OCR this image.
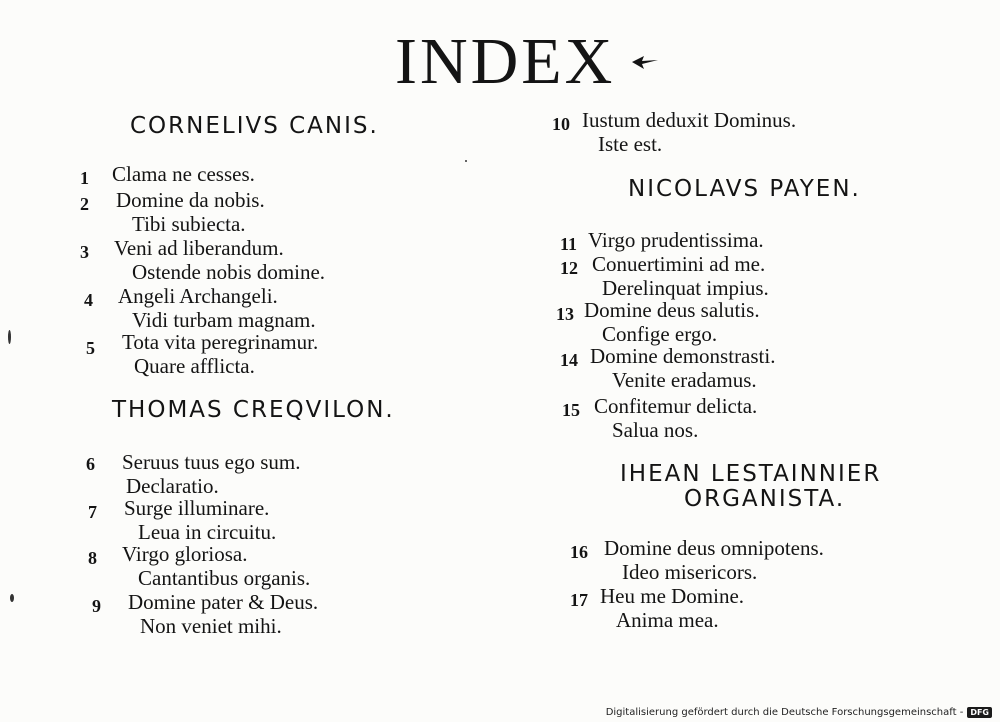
INDEX
CORNELIVS CANIS.
1 Clama ne cesses.
2 Domine da nobis.
Tibi subiecta.
3 Veni ad liberandum.
Ostende nobis domine.
4 Angeli Archangeli.
Vidi turbam magnam.
5 Tota vita peregrinamur.
Quare afflicta.
THOMAS CREQVILON.
6 Seruus tuus ego sum.
Declaratio.
7 Surge illuminare.
Leua in circuitu.
8 Virgo gloriosa.
Cantantibus organis.
9 Domine pater & Deus.
Non veniet mihi.
10 Iustum deduxit Dominus.
Iste est.
NICOLAVS PAYEN.
11 Virgo prudentissima.
12 Conuertimini ad me.
Derelinquat impius.
13 Domine deus salutis.
Confige ergo.
14 Domine demonstrasti.
Venite eradamus.
15 Confitemur delicta.
Salua nos.
IHEAN LESTAINNIER
ORGANISTA.
16 Domine deus omnipotens.
Ideo misericors.
17 Heu me Domine.
Anima mea.
Digitalisierung gefördert durch die Deutsche Forschungsgemeinschaft - DFG
